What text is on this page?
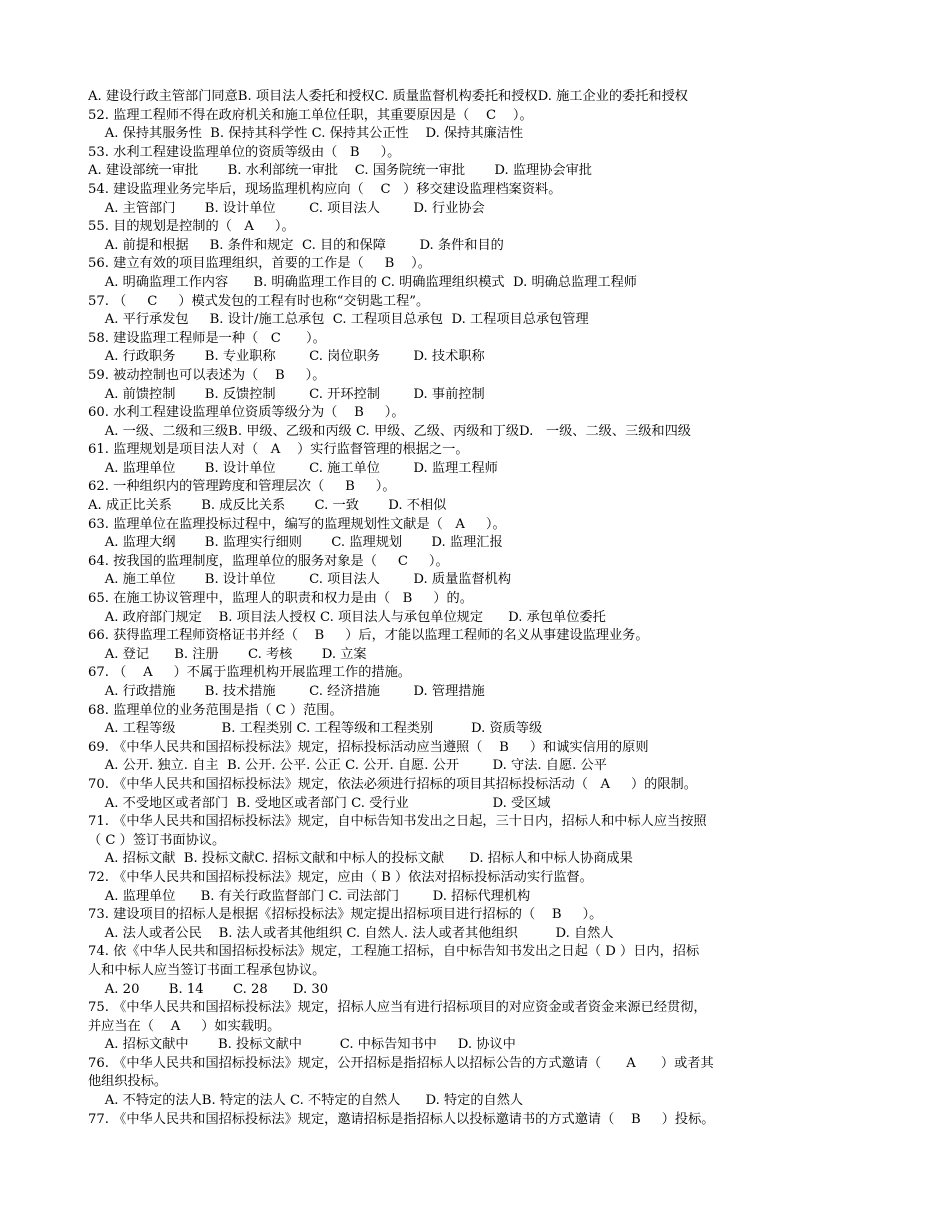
A. 建设行政主管部门同意B. 项目法人委托和授权C. 质量监督机构委托和授权D. 施工企业的委托和授权
52. 监理工程师不得在政府机关和施工单位任职，其重要原因是（    C    ）。
A. 保持其服务性  B. 保持其科学性 C. 保持其公正性    D. 保持其廉洁性
53. 水利工程建设监理单位的资质等级由（   B     ）。
A. 建设部统一审批       B. 水利部统一审批    C. 国务院统一审批       D. 监理协会审批
54. 建设监理业务完毕后，现场监理机构应向（    C   ）移交建设监理档案资料。
A. 主管部门       B. 设计单位        C. 项目法人        D. 行业协会
55. 目的规划是控制的（   A     ）。
A. 前提和根据     B. 条件和规定  C. 目的和保障        D. 条件和目的
56. 建立有效的项目监理组织，首要的工作是（     B    ）。
A. 明确监理工作内容      B. 明确监理工作目的 C. 明确监理组织模式  D. 明确总监理工程师
57. （     C     ）模式发包的工程有时也称“交钥匙工程”。
A. 平行承发包     B. 设计/施工总承包  C. 工程项目总承包  D. 工程项目总承包管理
58. 建设监理工程师是一种（   C      ）。
A. 行政职务       B. 专业职称        C. 岗位职务        D. 技术职称
59. 被动控制也可以表述为（    B     ）。
A. 前馈控制       B. 反馈控制        C. 开环控制        D. 事前控制
60. 水利工程建设监理单位资质等级分为（    B     ）。
A. 一级、二级和三级B. 甲级、乙级和丙级 C. 甲级、乙级、丙级和丁级D.   一级、二级、三级和四级
61. 监理规划是项目法人对（   A    ）实行监督管理的根据之一。
A. 监理单位       B. 设计单位        C. 施工单位        D. 监理工程师
62. 一种组织内的管理跨度和管理层次（     B     ）。
A. 成正比关系       B. 成反比关系       C. 一致       D. 不相似
63. 监理单位在监理投标过程中，编写的监理规划性文献是（   A     ）。
A. 监理大纲       B. 监理实行细则       C. 监理规划       D. 监理汇报
64. 按我国的监理制度，监理单位的服务对象是（     C     ）。
A. 施工单位       B. 设计单位        C. 项目法人        D. 质量监督机构
65. 在施工协议管理中，监理人的职责和权力是由（   B     ）的。
A. 政府部门规定    B. 项目法人授权 C. 项目法人与承包单位规定      D. 承包单位委托
66. 获得监理工程师资格证书并经（    B     ）后，才能以监理工程师的名义从事建设监理业务。
A. 登记      B. 注册       C. 考核       D. 立案
67. （    A     ）不属于监理机构开展监理工作的措施。
A. 行政措施       B. 技术措施        C. 经济措施        D. 管理措施
68. 监理单位的业务范围是指（ C ）范围。
A. 工程等级           B. 工程类别 C. 工程等级和工程类别         D. 资质等级
69. 《中华人民共和国招标投标法》规定，招标投标活动应当遵照（    B     ）和诚实信用的原则
A. 公开. 独立. 自主  B. 公开. 公平. 公正 C. 公开. 自愿. 公开        D. 守法. 自愿. 公平
70. 《中华人民共和国招标投标法》规定，依法必须进行招标的项目其招标投标活动（   A     ）的限制。
A. 不受地区或者部门  B. 受地区或者部门 C. 受行业                    D. 受区域
71. 《中华人民共和国招标投标法》规定，自中标告知书发出之日起，三十日内，招标人和中标人应当按照
（ C ）签订书面协议。
A. 招标文献  B. 投标文献C. 招标文献和中标人的投标文献      D. 招标人和中标人协商成果
72. 《中华人民共和国招标投标法》规定，应由（ B ）依法对招标投标活动实行监督。
A. 监理单位      B. 有关行政监督部门 C. 司法部门        D. 招标代理机构
73. 建设项目的招标人是根据《招标投标法》规定提出招标项目进行招标的（    B     ）。
A. 法人或者公民    B. 法人或者其他组织 C. 自然人. 法人或者其他组织         D. 自然人
74. 依《中华人民共和国招标投标法》规定，工程施工招标，自中标告知书发出之日起（ D ）日内，招标
人和中标人应当签订书面工程承包协议。
A. 20       B. 14       C. 28      D. 30
75. 《中华人民共和国招标投标法》规定，招标人应当有进行招标项目的对应资金或者资金来源已经贯彻，
并应当在（    A     ）如实载明。
A. 招标文献中       B. 投标文献中         C. 中标告知书中     D. 协议中
76. 《中华人民共和国招标投标法》规定，公开招标是指招标人以招标公告的方式邀请（      A      ）或者其
他组织投标。
A. 不特定的法人B. 特定的法人 C. 不特定的自然人      D. 特定的自然人
77. 《中华人民共和国招标投标法》规定，邀请招标是指招标人以投标邀请书的方式邀请（    B     ）投标。
